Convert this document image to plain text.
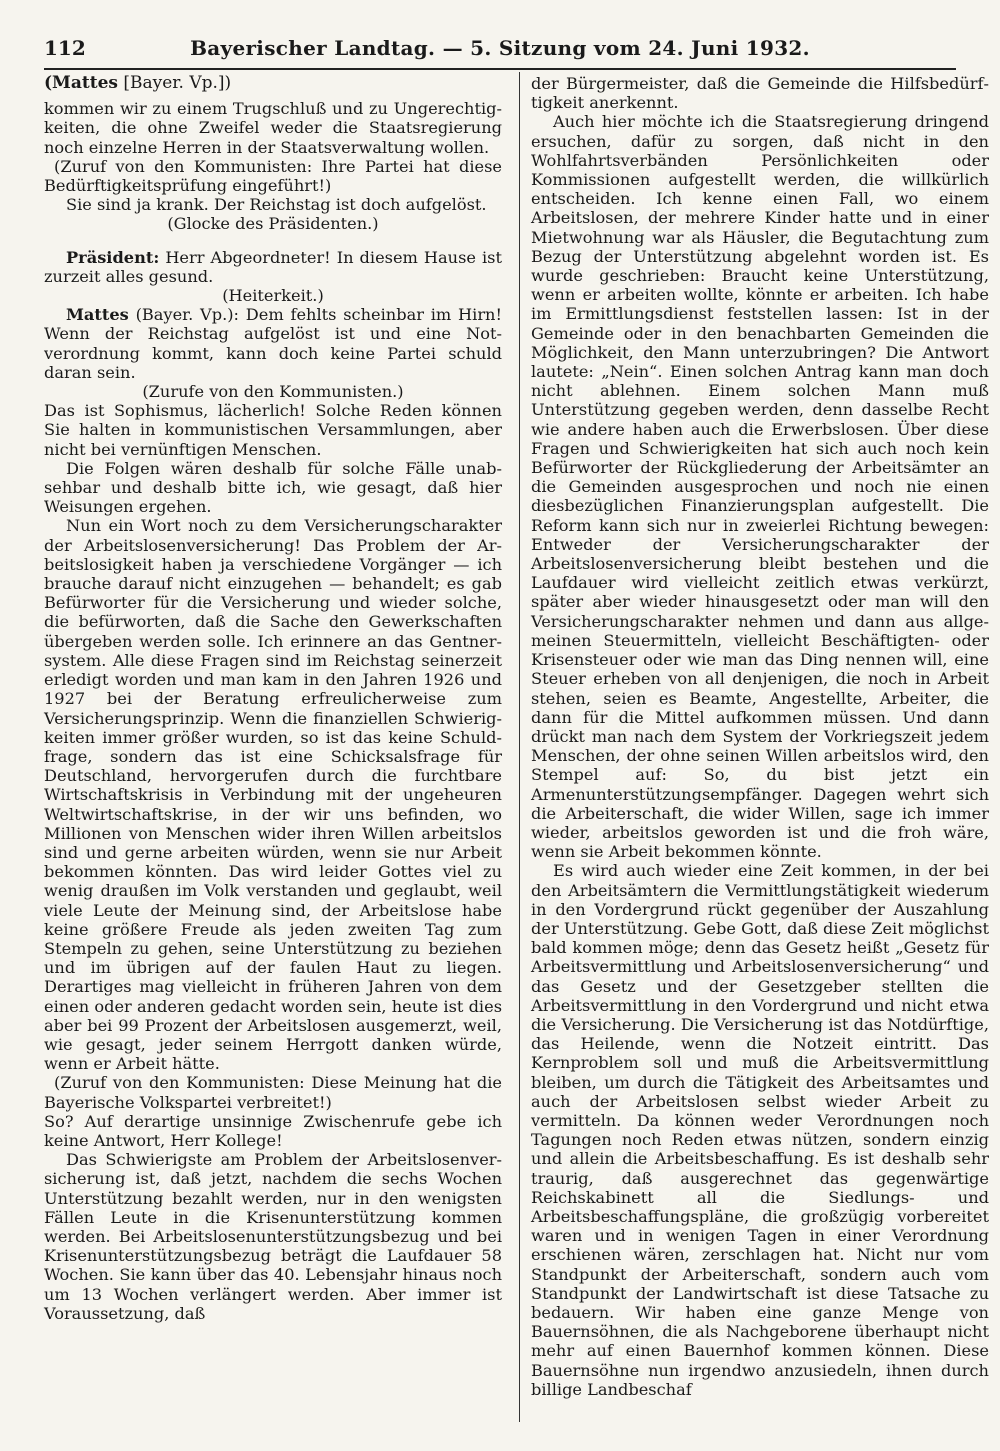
112	Bayerischer Landtag. — 5. Sitzung vom 24. Juni 1932.

(Mattes [Bayer. Vp.])

kommen wir zu einem Trugschluß und zu Ungerechtigkeiten, die ohne Zweifel weder die Staatsregierung noch einzelne Herren in der Staatsverwaltung wollen.

(Zuruf von den Kommunisten: Ihre Partei hat diese Bedürftigkeitsprüfung eingeführt!)

Sie sind ja krank. Der Reichstag ist doch aufgelöst.

(Glocke des Präsidenten.)

Präsident: Herr Abgeordneter! In diesem Hause ist zurzeit alles gesund.

(Heiterkeit.)

Mattes (Bayer. Vp.): Dem fehlts scheinbar im Hirn! Wenn der Reichstag aufgelöst ist und eine Notverordnung kommt, kann doch keine Partei schuld daran sein.

(Zurufe von den Kommunisten.)

Das ist Sophismus, lächerlich! Solche Reden können Sie halten in kommunistischen Versammlungen, aber nicht bei vernünftigen Menschen.

Die Folgen wären deshalb für solche Fälle unabsehbar und deshalb bitte ich, wie gesagt, daß hier Weisungen ergehen.

Nun ein Wort noch zu dem Versicherungscharakter der Arbeitslosenversicherung! Das Problem der Arbeitslosigkeit haben ja verschiedene Vorgänger — ich brauche darauf nicht einzugehen — behandelt; es gab Befürworter für die Versicherung und wieder solche, die befürworten, daß die Sache den Gewerkschaften übergeben werden solle. Ich erinnere an das Gentnersystem. Alle diese Fragen sind im Reichstag seinerzeit erledigt worden und man kam in den Jahren 1926 und 1927 bei der Beratung erfreulicherweise zum Versicherungsprinzip. Wenn die finanziellen Schwierigkeiten immer größer wurden, so ist das keine Schuldfrage, sondern das ist eine Schicksalsfrage für Deutschland, hervorgerufen durch die furchtbare Wirtschaftskrisis in Verbindung mit der ungeheuren Weltwirtschaftskrise, in der wir uns befinden, wo Millionen von Menschen wider ihren Willen arbeitslos sind und gerne arbeiten würden, wenn sie nur Arbeit bekommen könnten. Das wird leider Gottes viel zu wenig draußen im Volk verstanden und geglaubt, weil viele Leute der Meinung sind, der Arbeitslose habe keine größere Freude als jeden zweiten Tag zum Stempeln zu gehen, seine Unterstützung zu beziehen und im übrigen auf der faulen Haut zu liegen. Derartiges mag vielleicht in früheren Jahren von dem einen oder anderen gedacht worden sein, heute ist dies aber bei 99 Prozent der Arbeitslosen ausgemerzt, weil, wie gesagt, jeder seinem Herrgott danken würde, wenn er Arbeit hätte.

(Zuruf von den Kommunisten: Diese Meinung hat die Bayerische Volkspartei verbreitet!)

So? Auf derartige unsinnige Zwischenrufe gebe ich keine Antwort, Herr Kollege!

Das Schwierigste am Problem der Arbeitslosenversicherung ist, daß jetzt, nachdem die sechs Wochen Unterstützung bezahlt werden, nur in den wenigsten Fällen Leute in die Krisenunterstützung kommen werden. Bei Arbeitslosenunterstützungsbezug und bei Krisenunterstützungsbezug beträgt die Laufdauer 58 Wochen. Sie kann über das 40. Lebensjahr hinaus noch um 13 Wochen verlängert werden. Aber immer ist Voraussetzung, daß

der Bürgermeister, daß die Gemeinde die Hilfsbedürftigkeit anerkennt.

Auch hier möchte ich die Staatsregierung dringend ersuchen, dafür zu sorgen, daß nicht in den Wohlfahrtsverbänden Persönlichkeiten oder Kommissionen aufgestellt werden, die willkürlich entscheiden. Ich kenne einen Fall, wo einem Arbeitslosen, der mehrere Kinder hatte und in einer Mietwohnung war als Häusler, die Begutachtung zum Bezug der Unterstützung abgelehnt worden ist. Es wurde geschrieben: Braucht keine Unterstützung, wenn er arbeiten wollte, könnte er arbeiten. Ich habe im Ermittlungsdienst feststellen lassen: Ist in der Gemeinde oder in den benachbarten Gemeinden die Möglichkeit, den Mann unterzubringen? Die Antwort lautete: „Nein“. Einen solchen Antrag kann man doch nicht ablehnen. Einem solchen Mann muß Unterstützung gegeben werden, denn dasselbe Recht wie andere haben auch die Erwerbslosen. Über diese Fragen und Schwierigkeiten hat sich auch noch kein Befürworter der Rückgliederung der Arbeitsämter an die Gemeinden ausgesprochen und noch nie einen diesbezüglichen Finanzierungsplan aufgestellt. Die Reform kann sich nur in zweierlei Richtung bewegen: Entweder der Versicherungscharakter der Arbeitslosenversicherung bleibt bestehen und die Laufdauer wird vielleicht zeitlich etwas verkürzt, später aber wieder hinausgesetzt oder man will den Versicherungscharakter nehmen und dann aus allgemeinen Steuermitteln, vielleicht Beschäftigten- oder Krisensteuer oder wie man das Ding nennen will, eine Steuer erheben von all denjenigen, die noch in Arbeit stehen, seien es Beamte, Angestellte, Arbeiter, die dann für die Mittel aufkommen müssen. Und dann drückt man nach dem System der Vorkriegszeit jedem Menschen, der ohne seinen Willen arbeitslos wird, den Stempel auf: So, du bist jetzt ein Armenunterstützungsempfänger. Dagegen wehrt sich die Arbeiterschaft, die wider Willen, sage ich immer wieder, arbeitslos geworden ist und die froh wäre, wenn sie Arbeit bekommen könnte.

Es wird auch wieder eine Zeit kommen, in der bei den Arbeitsämtern die Vermittlungstätigkeit wiederum in den Vordergrund rückt gegenüber der Auszahlung der Unterstützung. Gebe Gott, daß diese Zeit möglichst bald kommen möge; denn das Gesetz heißt „Gesetz für Arbeitsvermittlung und Arbeitslosenversicherung“ und das Gesetz und der Gesetzgeber stellten die Arbeitsvermittlung in den Vordergrund und nicht etwa die Versicherung. Die Versicherung ist das Notdürftige, das Heilende, wenn die Notzeit eintritt. Das Kernproblem soll und muß die Arbeitsvermittlung bleiben, um durch die Tätigkeit des Arbeitsamtes und auch der Arbeitslosen selbst wieder Arbeit zu vermitteln. Da können weder Verordnungen noch Tagungen noch Reden etwas nützen, sondern einzig und allein die Arbeitsbeschaffung. Es ist deshalb sehr traurig, daß ausgerechnet das gegenwärtige Reichskabinett all die Siedlungs- und Arbeitsbeschaffungspläne, die großzügig vorbereitet waren und in wenigen Tagen in einer Verordnung erschienen wären, zerschlagen hat. Nicht nur vom Standpunkt der Arbeiterschaft, sondern auch vom Standpunkt der Landwirtschaft ist diese Tatsache zu bedauern. Wir haben eine ganze Menge von Bauernsöhnen, die als Nachgeborene überhaupt nicht mehr auf einen Bauernhof kommen können. Diese Bauernsöhne nun irgendwo anzusiedeln, ihnen durch billige Landbeschaf
